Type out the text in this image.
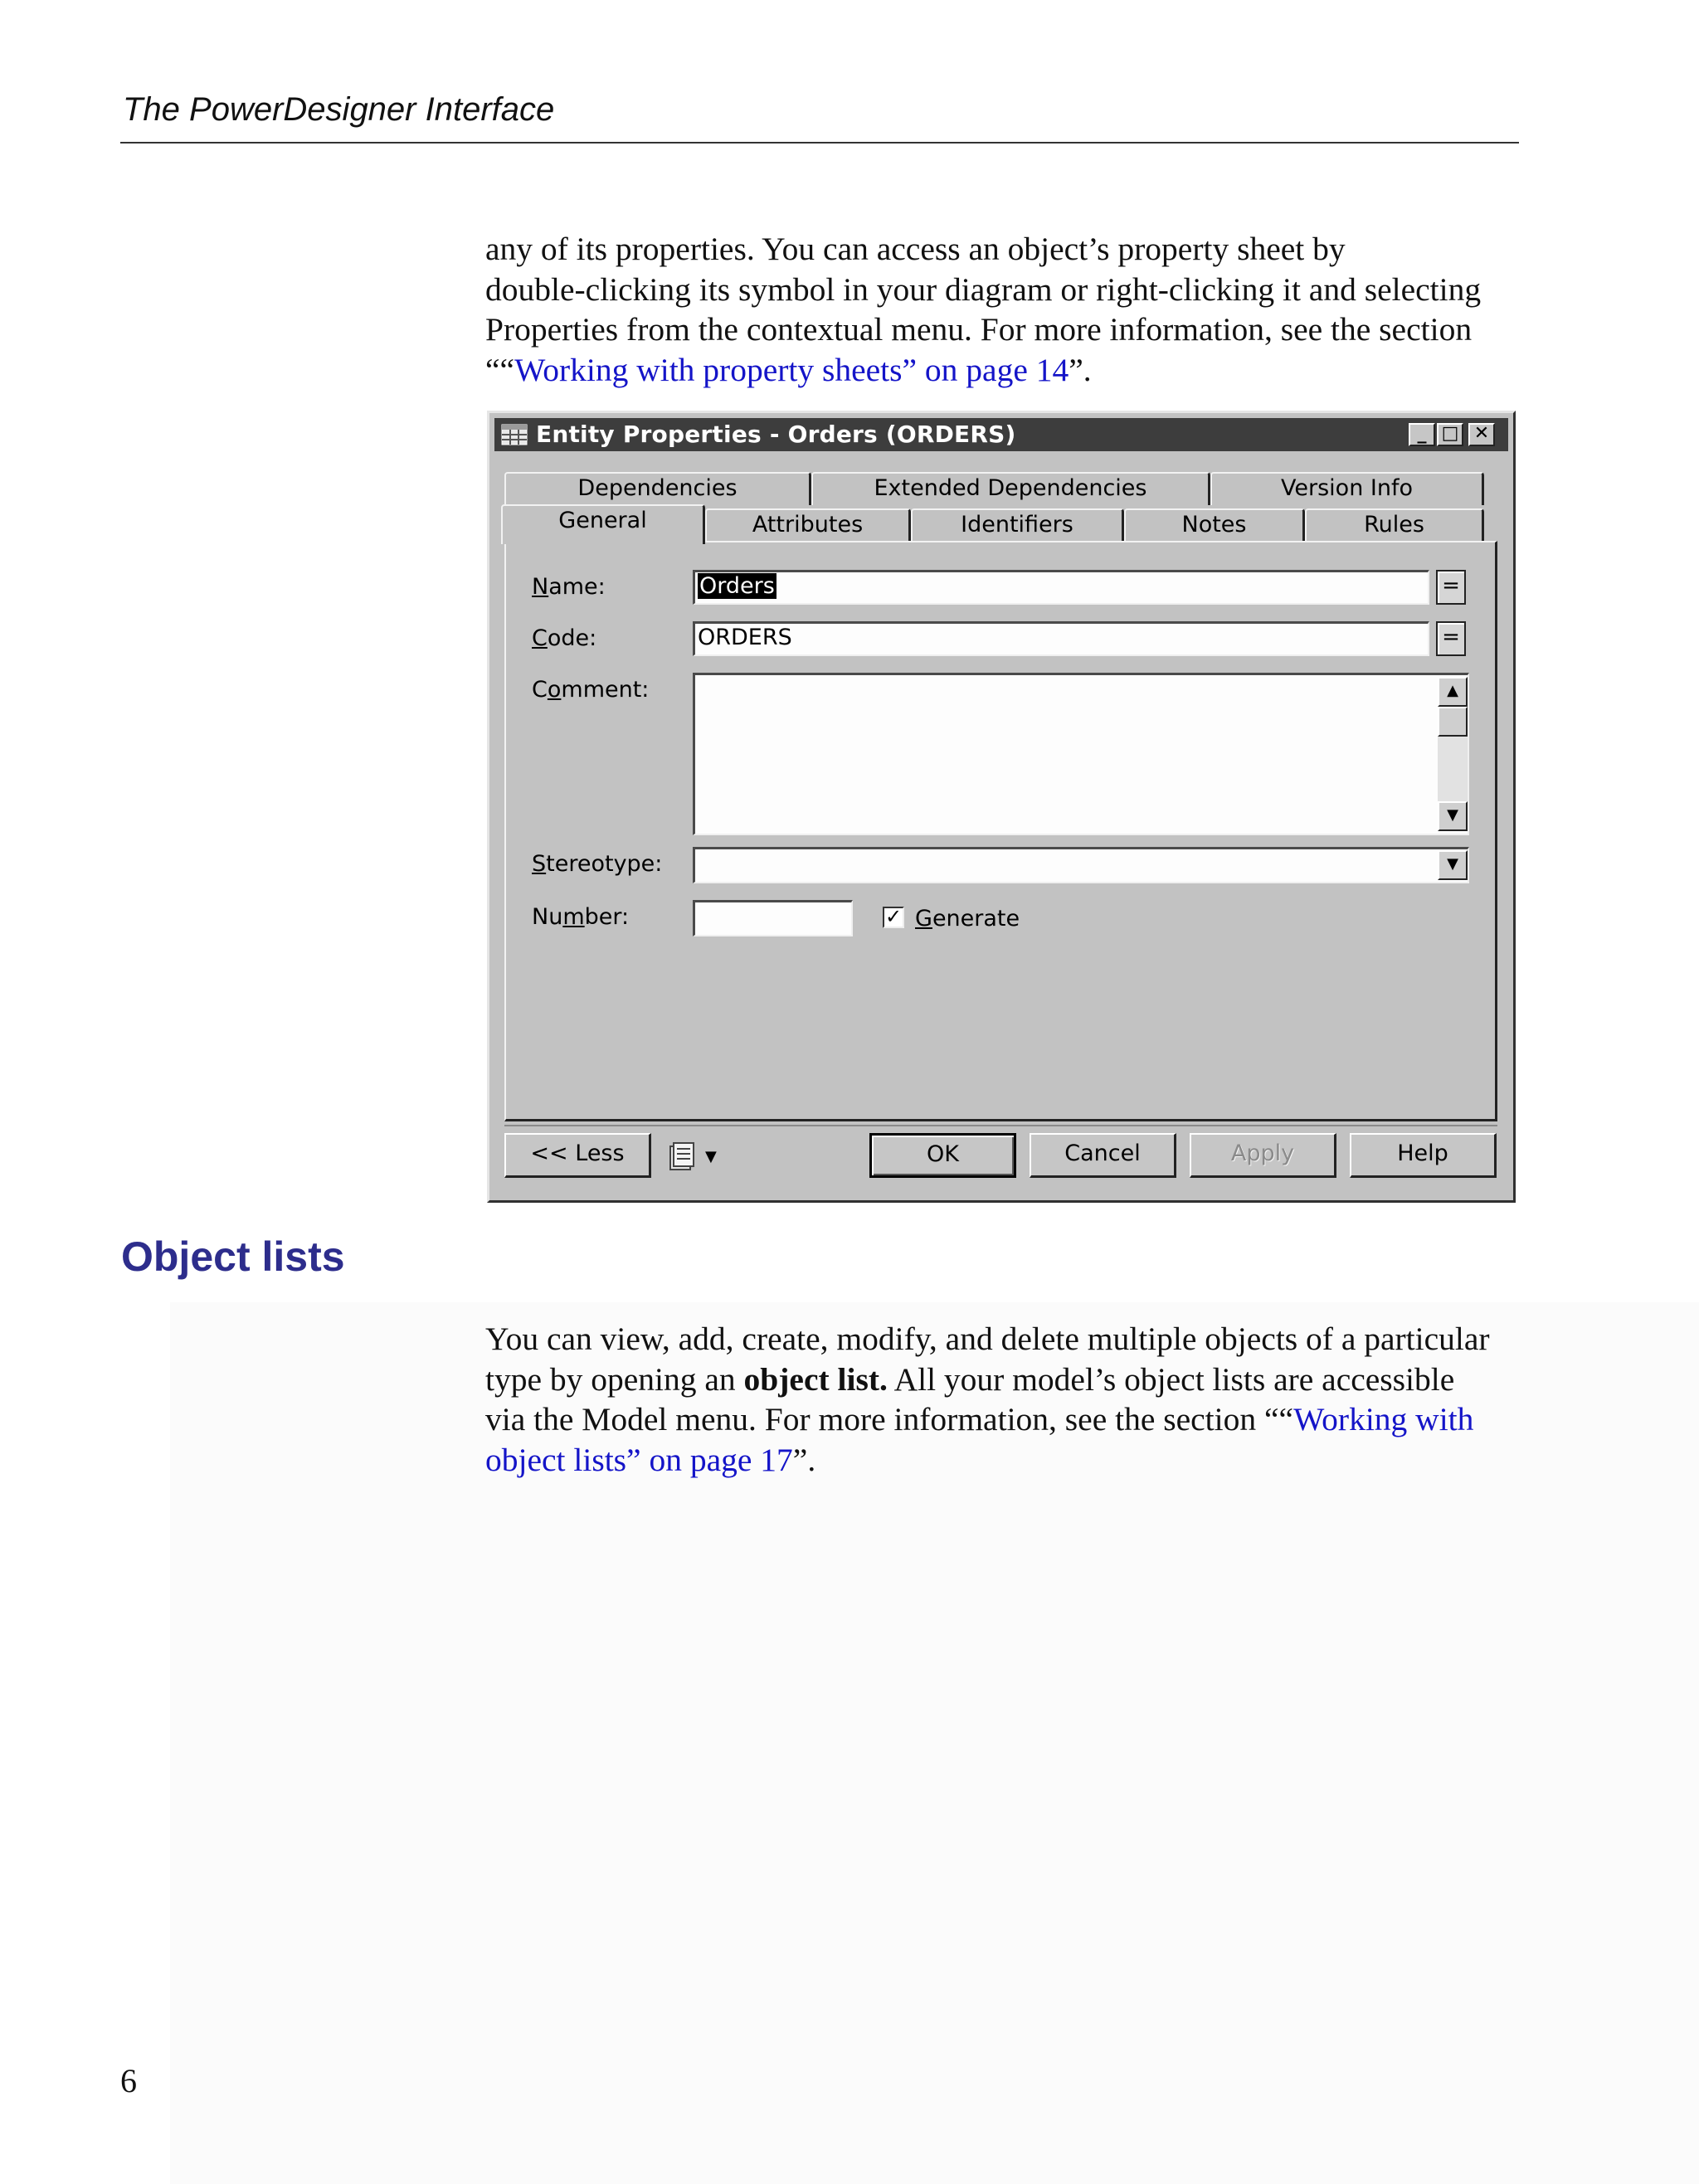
The PowerDesigner Interface
any of its properties. You can access an object’s property sheet by
double-clicking its symbol in your diagram or right-clicking it and selecting
Properties from the contextual menu. For more information, see the section
““Working with property sheets” on page 14”.
Entity Properties - Orders (ORDERS)	_ □ ✕
Dependencies	Extended Dependencies	Version Info
General	Attributes	Identifiers	Notes	Rules
Name:	Orders	=
Code:	ORDERS	=
Comment:	▲
▼
Stereotype:	▼
Number:	✓ Generate
<< Less	▼	OK	Cancel	Apply	Help
Object lists
You can view, add, create, modify, and delete multiple objects of a particular
type by opening an object list. All your model’s object lists are accessible
via the Model menu. For more information, see the section ““Working with
object lists” on page 17”.
6
